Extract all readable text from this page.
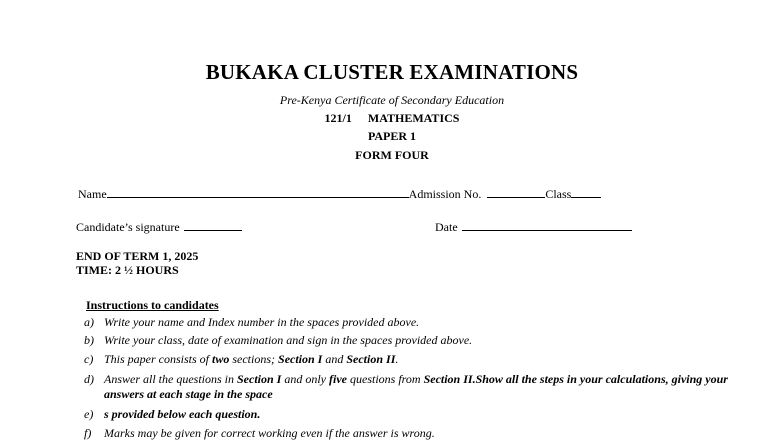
BUKAKA CLUSTER EXAMINATIONS
Pre-Kenya Certificate of Secondary Education
121/1 MATHEMATICS
PAPER 1
FORM FOUR
Name	Admission No.	Class
Candidate’s signature	Date
END OF TERM 1, 2025
TIME: 2 ½ HOURS
Instructions to candidates
a) Write your name and Index number in the spaces provided above.
b) Write your class, date of examination and sign in the spaces provided above.
c) This paper consists of two sections; Section I and Section II.
d) Answer all the questions in Section I and only five questions from Section II.Show all the steps in your calculations, giving your answers at each stage in the space
e) s provided below each question.
f) Marks may be given for correct working even if the answer is wrong.
